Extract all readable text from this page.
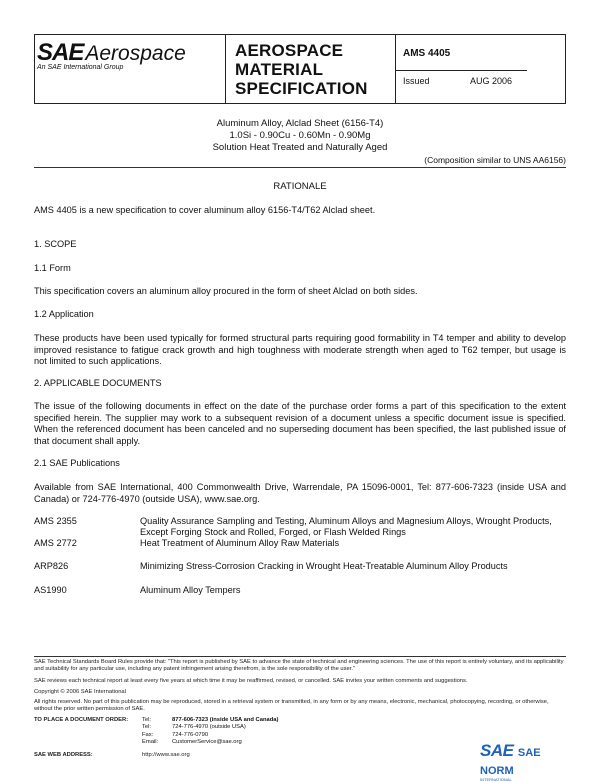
SAEAerospace
An SAE International Group
AEROSPACE
MATERIAL
SPECIFICATION
AMS 4405
Issued	AUG 2006
Aluminum Alloy, Alclad Sheet (6156-T4)
1.0Si - 0.90Cu - 0.60Mn - 0.90Mg
Solution Heat Treated and Naturally Aged
(Composition similar to UNS AA6156)
RATIONALE
AMS 4405 is a new specification to cover aluminum alloy 6156-T4/T62 Alclad sheet.
1. SCOPE
1.1 Form
This specification covers an aluminum alloy procured in the form of sheet Alclad on both sides.
1.2 Application
These products have been used typically for formed structural parts requiring good formability in T4 temper and ability to develop improved resistance to fatigue crack growth and high toughness with moderate strength when aged to T62 temper, but usage is not limited to such applications.
2. APPLICABLE DOCUMENTS
The issue of the following documents in effect on the date of the purchase order forms a part of this specification to the extent specified herein. The supplier may work to a subsequent revision of a document unless a specific document issue is specified. When the referenced document has been canceled and no superseding document has been specified, the last published issue of that document shall apply.
2.1 SAE Publications
Available from SAE International, 400 Commonwealth Drive, Warrendale, PA 15096-0001, Tel: 877-606-7323 (inside USA and Canada) or 724-776-4970 (outside USA), www.sae.org.
AMS 2355	Quality Assurance Sampling and Testing, Aluminum Alloys and Magnesium Alloys, Wrought Products, Except Forging Stock and Rolled, Forged, or Flash Welded Rings
AMS 2772	Heat Treatment of Aluminum Alloy Raw Materials
ARP826	Minimizing Stress-Corrosion Cracking in Wrought Heat-Treatable Aluminum Alloy Products
AS1990	Aluminum Alloy Tempers
SAE Technical Standards Board Rules provide that: "This report is published by SAE to advance the state of technical and engineering sciences. The use of this report is entirely voluntary, and its applicability and suitability for any particular use, including any patent infringement arising therefrom, is the sole responsibility of the user."
SAE reviews each technical report at least every five years at which time it may be reaffirmed, revised, or cancelled. SAE invites your written comments and suggestions.
Copyright © 2006 SAE International
All rights reserved. No part of this publication may be reproduced, stored in a retrieval system or transmitted, in any form or by any means, electronic, mechanical, photocopying, recording, or otherwise, without the prior written permission of SAE.
TO PLACE A DOCUMENT ORDER: Tel:	877-606-7323 (inside USA and Canada)
Tel:	724-776-4970 (outside USA)
Fax:	724-776-0790
Email:	CustomerService@sae.org
SAE WEB ADDRESS:	http://www.sae.org	SAE SAE NORM
INTERNATIONAL
